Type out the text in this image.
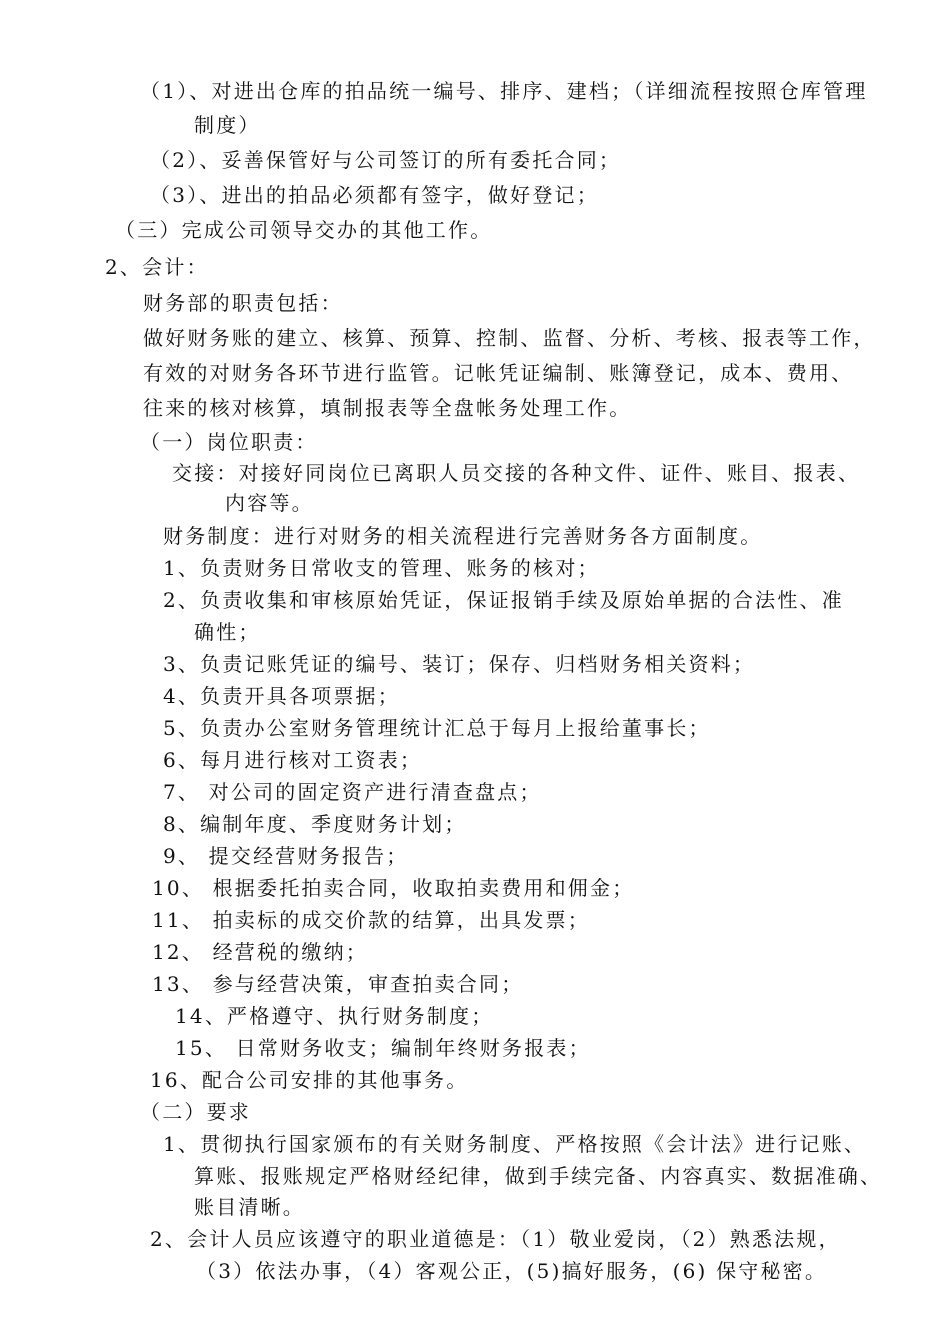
（1）、对进出仓库的拍品统一编号、排序、建档；（详细流程按照仓库管理
制度）
（2）、妥善保管好与公司签订的所有委托合同；
（3）、进出的拍品必须都有签字，做好登记；
（三）完成公司领导交办的其他工作。
2、会计：
财务部的职责包括：
做好财务账的建立、核算、预算、控制、监督、分析、考核、报表等工作，
有效的对财务各环节进行监管。记帐凭证编制、账簿登记，成本、费用、
往来的核对核算，填制报表等全盘帐务处理工作。
（一）岗位职责：
交接：对接好同岗位已离职人员交接的各种文件、证件、账目、报表、
内容等。
财务制度：进行对财务的相关流程进行完善财务各方面制度。
1、负责财务日常收支的管理、账务的核对；
2、负责收集和审核原始凭证，保证报销手续及原始单据的合法性、准
确性；
3、负责记账凭证的编号、装订；保存、归档财务相关资料；
4、负责开具各项票据；
5、负责办公室财务管理统计汇总于每月上报给董事长；
6、每月进行核对工资表；
7、 对公司的固定资产进行清查盘点；
8、编制年度、季度财务计划；
9、 提交经营财务报告；
10、 根据委托拍卖合同，收取拍卖费用和佣金；
11、 拍卖标的成交价款的结算，出具发票；
12、 经营税的缴纳；
13、 参与经营决策，审查拍卖合同；
14、严格遵守、执行财务制度；
15、 日常财务收支；编制年终财务报表；
16、配合公司安排的其他事务。
（二）要求
1、贯彻执行国家颁布的有关财务制度、严格按照《会计法》进行记账、
算账、报账规定严格财经纪律，做到手续完备、内容真实、数据准确、
账目清晰。
2、会计人员应该遵守的职业道德是：（1）敬业爱岗，（2）熟悉法规，
（3）依法办事，（4）客观公正，(5)搞好服务，(6) 保守秘密。
